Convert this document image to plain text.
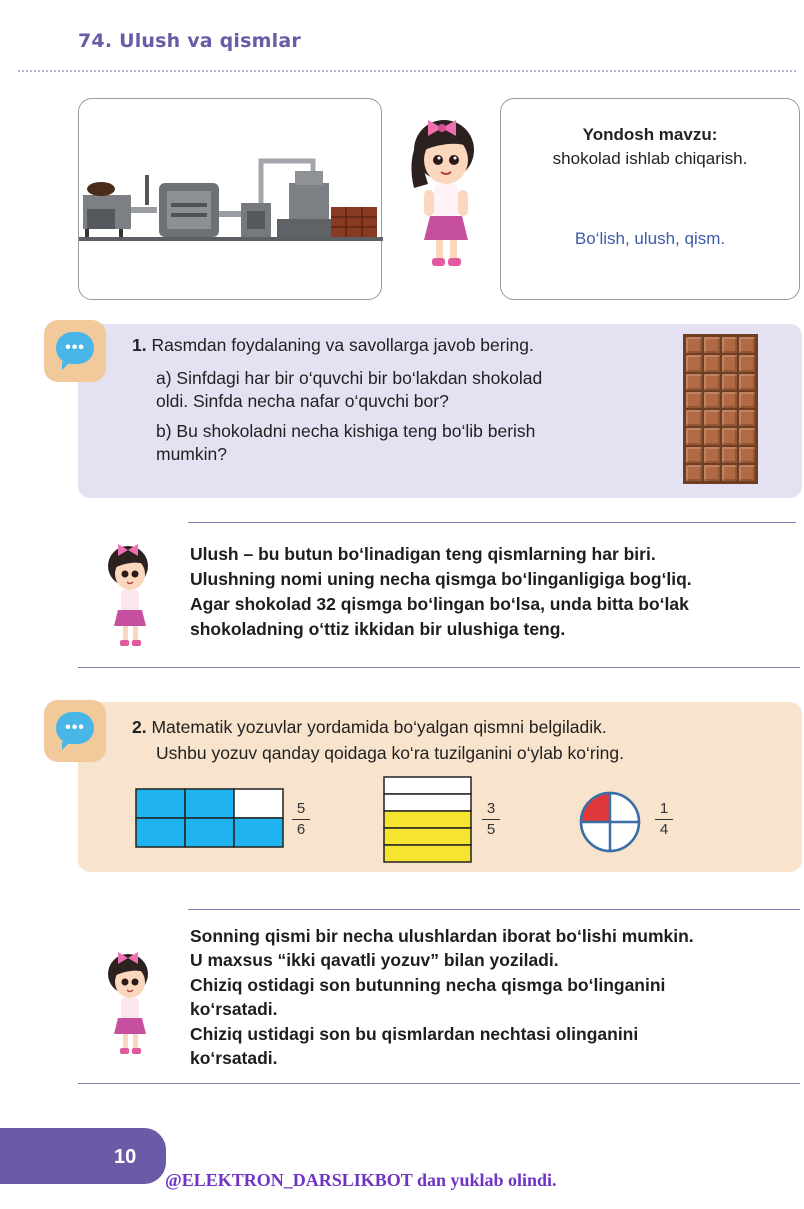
74. Ulush va qismlar
Yondosh mavzu:
shokolad ishlab chiqarish.
Bo‘lish, ulush, qism.
•••	1. Rasmdan foydalaning va savollarga javob bering.
a) Sinfdagi har bir o‘quvchi bir bo‘lakdan shokolad
oldi. Sinfda necha nafar o‘quvchi bor?
b) Bu shokoladni necha kishiga teng bo‘lib berish
mumkin?
Ulush – bu butun bo‘linadigan teng qismlarning har biri.
Ulushning nomi uning necha qismga bo‘linganligiga bog‘liq.
Agar shokolad 32 qismga bo‘lingan bo‘lsa, unda bitta bo‘lak
shokoladning o‘ttiz ikkidan bir ulushiga teng.
•••	2. Matematik yozuvlar yordamida bo‘yalgan qismni belgiladik.
Ushbu yozuv qanday qoidaga ko‘ra tuzilganini o‘ylab ko‘ring.
5
6
3
5
1
4
Sonning qismi bir necha ulushlardan iborat bo‘lishi mumkin.
U maxsus “ikki qavatli yozuv” bilan yoziladi.
Chiziq ostidagi son butunning necha qismga bo‘linganini
ko‘rsatadi.
Chiziq ustidagi son bu qismlardan nechtasi olinganini
ko‘rsatadi.
10
@ELEKTRON_DARSLIKBOT dan yuklab olindi.
